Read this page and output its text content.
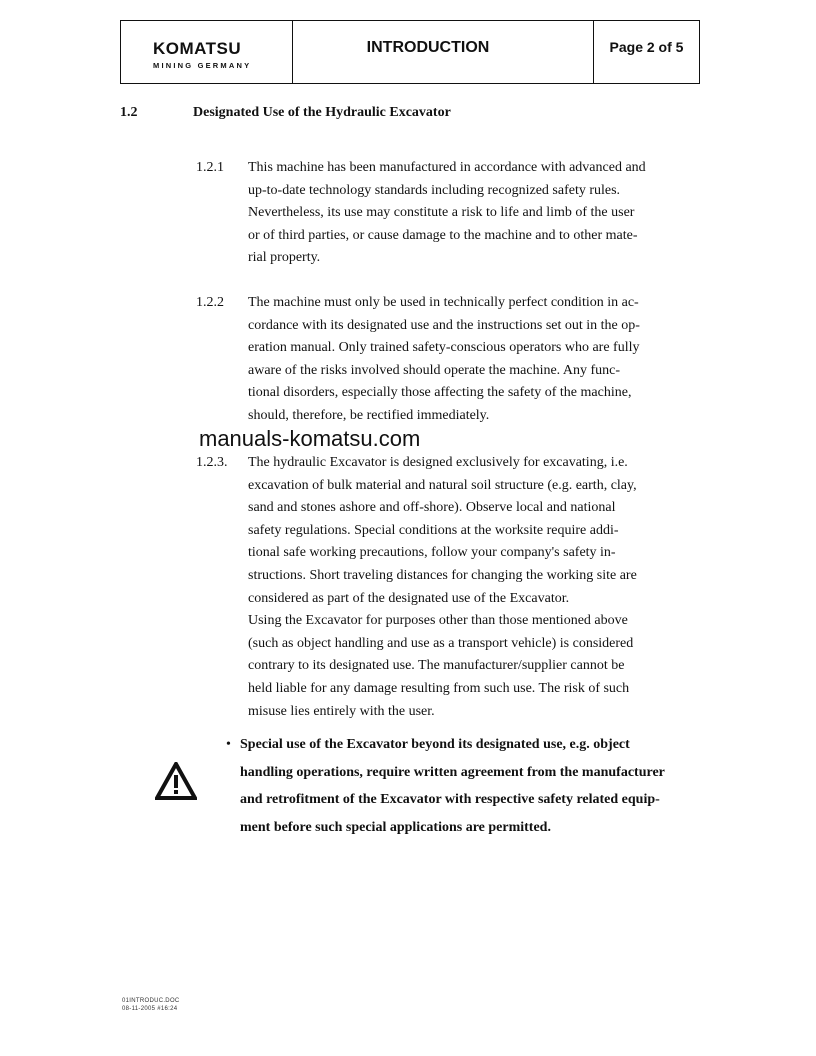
KOMATSU
MINING GERMANY
INTRODUCTION	Page 2 of 5
1.2	Designated Use of the Hydraulic Excavator
1.2.1 This machine has been manufactured in accordance with advanced and
up-to-date technology standards including recognized safety rules.
Nevertheless, its use may constitute a risk to life and limb of the user
or of third parties, or cause damage to the machine and to other mate-
rial property.
1.2.2 The machine must only be used in technically perfect condition in ac-
cordance with its designated use and the instructions set out in the op-
eration manual. Only trained safety-conscious operators who are fully
aware of the risks involved should operate the machine. Any func-
tional disorders, especially those affecting the safety of the machine,
should, therefore, be rectified immediately.
1.2.3. The hydraulic Excavator is designed exclusively for excavating, i.e.
excavation of bulk material and natural soil structure (e.g. earth, clay,
sand and stones ashore and off-shore). Observe local and national
safety regulations. Special conditions at the worksite require addi-
tional safe working precautions, follow your company's safety in-
structions. Short traveling distances for changing the working site are
considered as part of the designated use of the Excavator.
Using the Excavator for purposes other than those mentioned above
(such as object handling and use as a transport vehicle) is considered
contrary to its designated use. The manufacturer/supplier cannot be
held liable for any damage resulting from such use. The risk of such
misuse lies entirely with the user.
• Special use of the Excavator beyond its designated use, e.g. object
handling operations, require written agreement from the manufacturer
and retrofitment of the Excavator with respective safety related equip-
ment before such special applications are permitted.
manuals-komatsu.com
01INTRODUC.DOC
08-11-2005 #16:24
